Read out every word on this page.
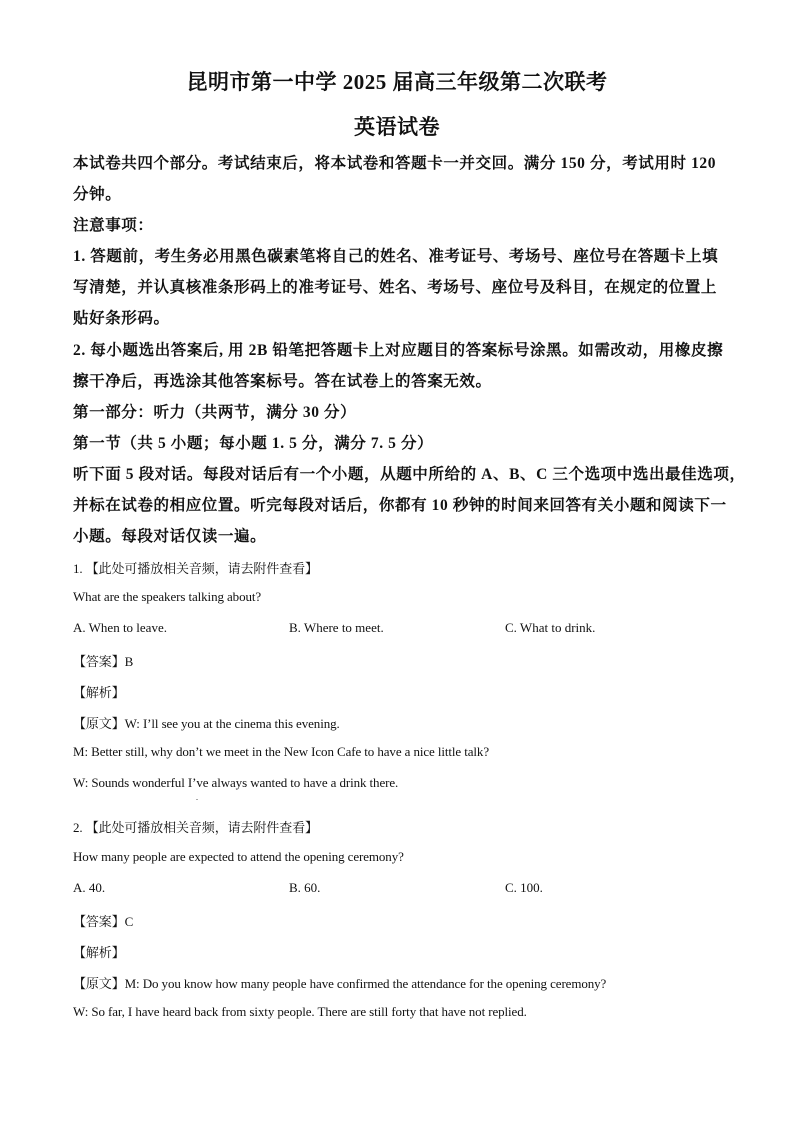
昆明市第一中学 2025 届高三年级第二次联考
英语试卷
本试卷共四个部分。考试结束后，将本试卷和答题卡一并交回。满分 150 分，考试用时 120
分钟。
注意事项：
1. 答题前，考生务必用黑色碳素笔将自己的姓名、准考证号、考场号、座位号在答题卡上填
写清楚，并认真核准条形码上的准考证号、姓名、考场号、座位号及科目，在规定的位置上
贴好条形码。
2. 每小题选出答案后, 用 2B 铅笔把答题卡上对应题目的答案标号涂黑。如需改动，用橡皮擦
擦干净后，再选涂其他答案标号。答在试卷上的答案无效。
第一部分：听力（共两节，满分 30 分）
第一节（共 5 小题；每小题 1. 5 分，满分 7. 5 分）
听下面 5 段对话。每段对话后有一个小题，从题中所给的 A、B、C 三个选项中选出最佳选项，
并标在试卷的相应位置。听完每段对话后，你都有 10 秒钟的时间来回答有关小题和阅读下一
小题。每段对话仅读一遍。
1. 【此处可播放相关音频，请去附件查看】
What are the speakers talking about?
A. When to leave.	B. Where to meet.	C. What to drink.
【答案】B
【解析】
【原文】W: I’ll see you at the cinema this evening.
M: Better still, why don’t we meet in the New Icon Cafe to have a nice little talk?
W: Sounds wonderful I’ve always wanted to have a drink there.
.
2. 【此处可播放相关音频，请去附件查看】
How many people are expected to attend the opening ceremony?
A. 40.	B. 60.	C. 100.
【答案】C
【解析】
【原文】M: Do you know how many people have confirmed the attendance for the opening ceremony?
W: So far, I have heard back from sixty people. There are still forty that have not replied.
